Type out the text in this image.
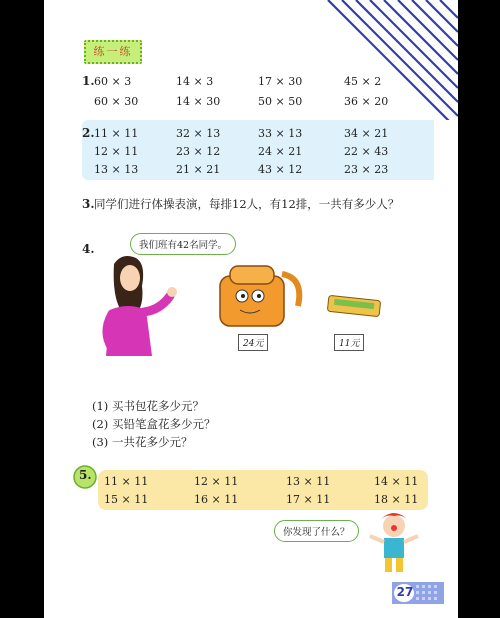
练一练
1. 60 × 3	14 × 3	17 × 30	45 × 2
60 × 30	14 × 30	50 × 50	36 × 20
2. 11 × 11	32 × 13	33 × 13	34 × 21
12 × 11	23 × 12	24 × 21	22 × 43
13 × 13	21 × 21	43 × 12	23 × 23
3. 同学们进行体操表演，每排12人，有12排，一共有多少人？
4.	我们班有42名同学。
24元	11元
(1) 买书包花多少元？
(2) 买铅笔盒花多少元？
(3) 一共花多少元？
5. 11 × 11	12 × 11	13 × 11	14 × 11
15 × 11	16 × 11	17 × 11	18 × 11
你发现了什么？
27
